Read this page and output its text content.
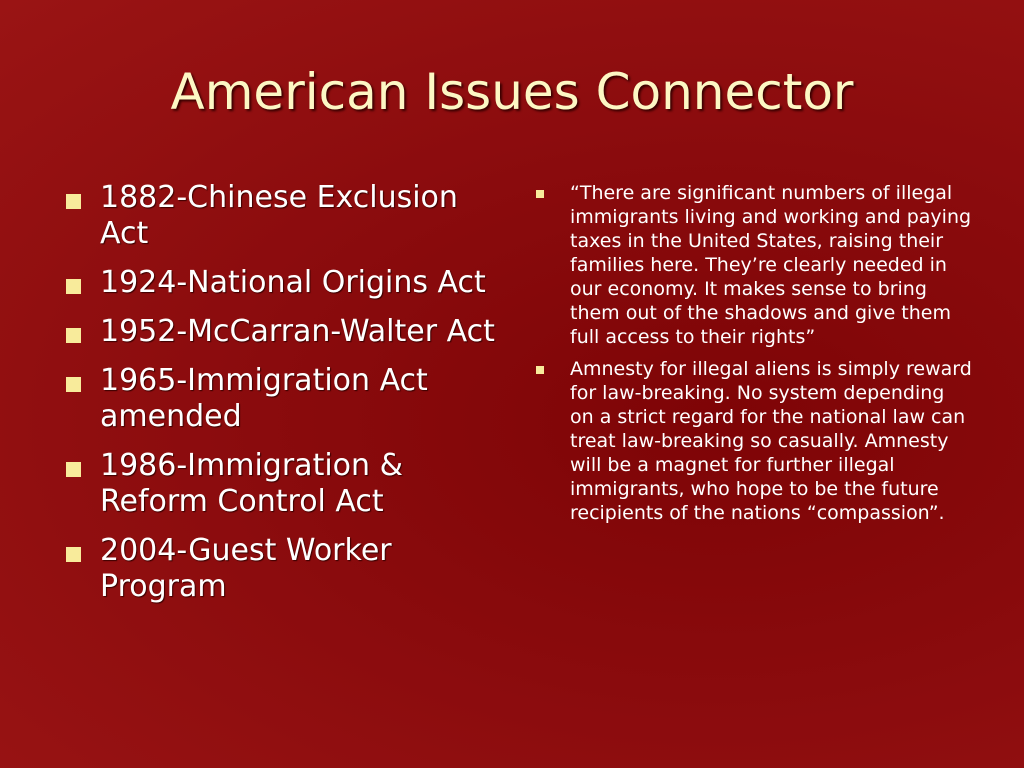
American Issues Connector
1882-Chinese Exclusion Act
1924-National Origins Act
1952-McCarran-Walter Act
1965-Immigration Act amended
1986-Immigration & Reform Control Act
2004-Guest Worker Program
“There are significant numbers of illegal immigrants living and working and paying taxes in the United States, raising their families here. They’re clearly needed in our economy. It makes sense to bring them out of the shadows and give them full access to their rights”
Amnesty for illegal aliens is simply reward for law-breaking. No system depending on a strict regard for the national law can treat law-breaking so casually. Amnesty will be a magnet for further illegal immigrants, who hope to be the future recipients of the nations “compassion”.
